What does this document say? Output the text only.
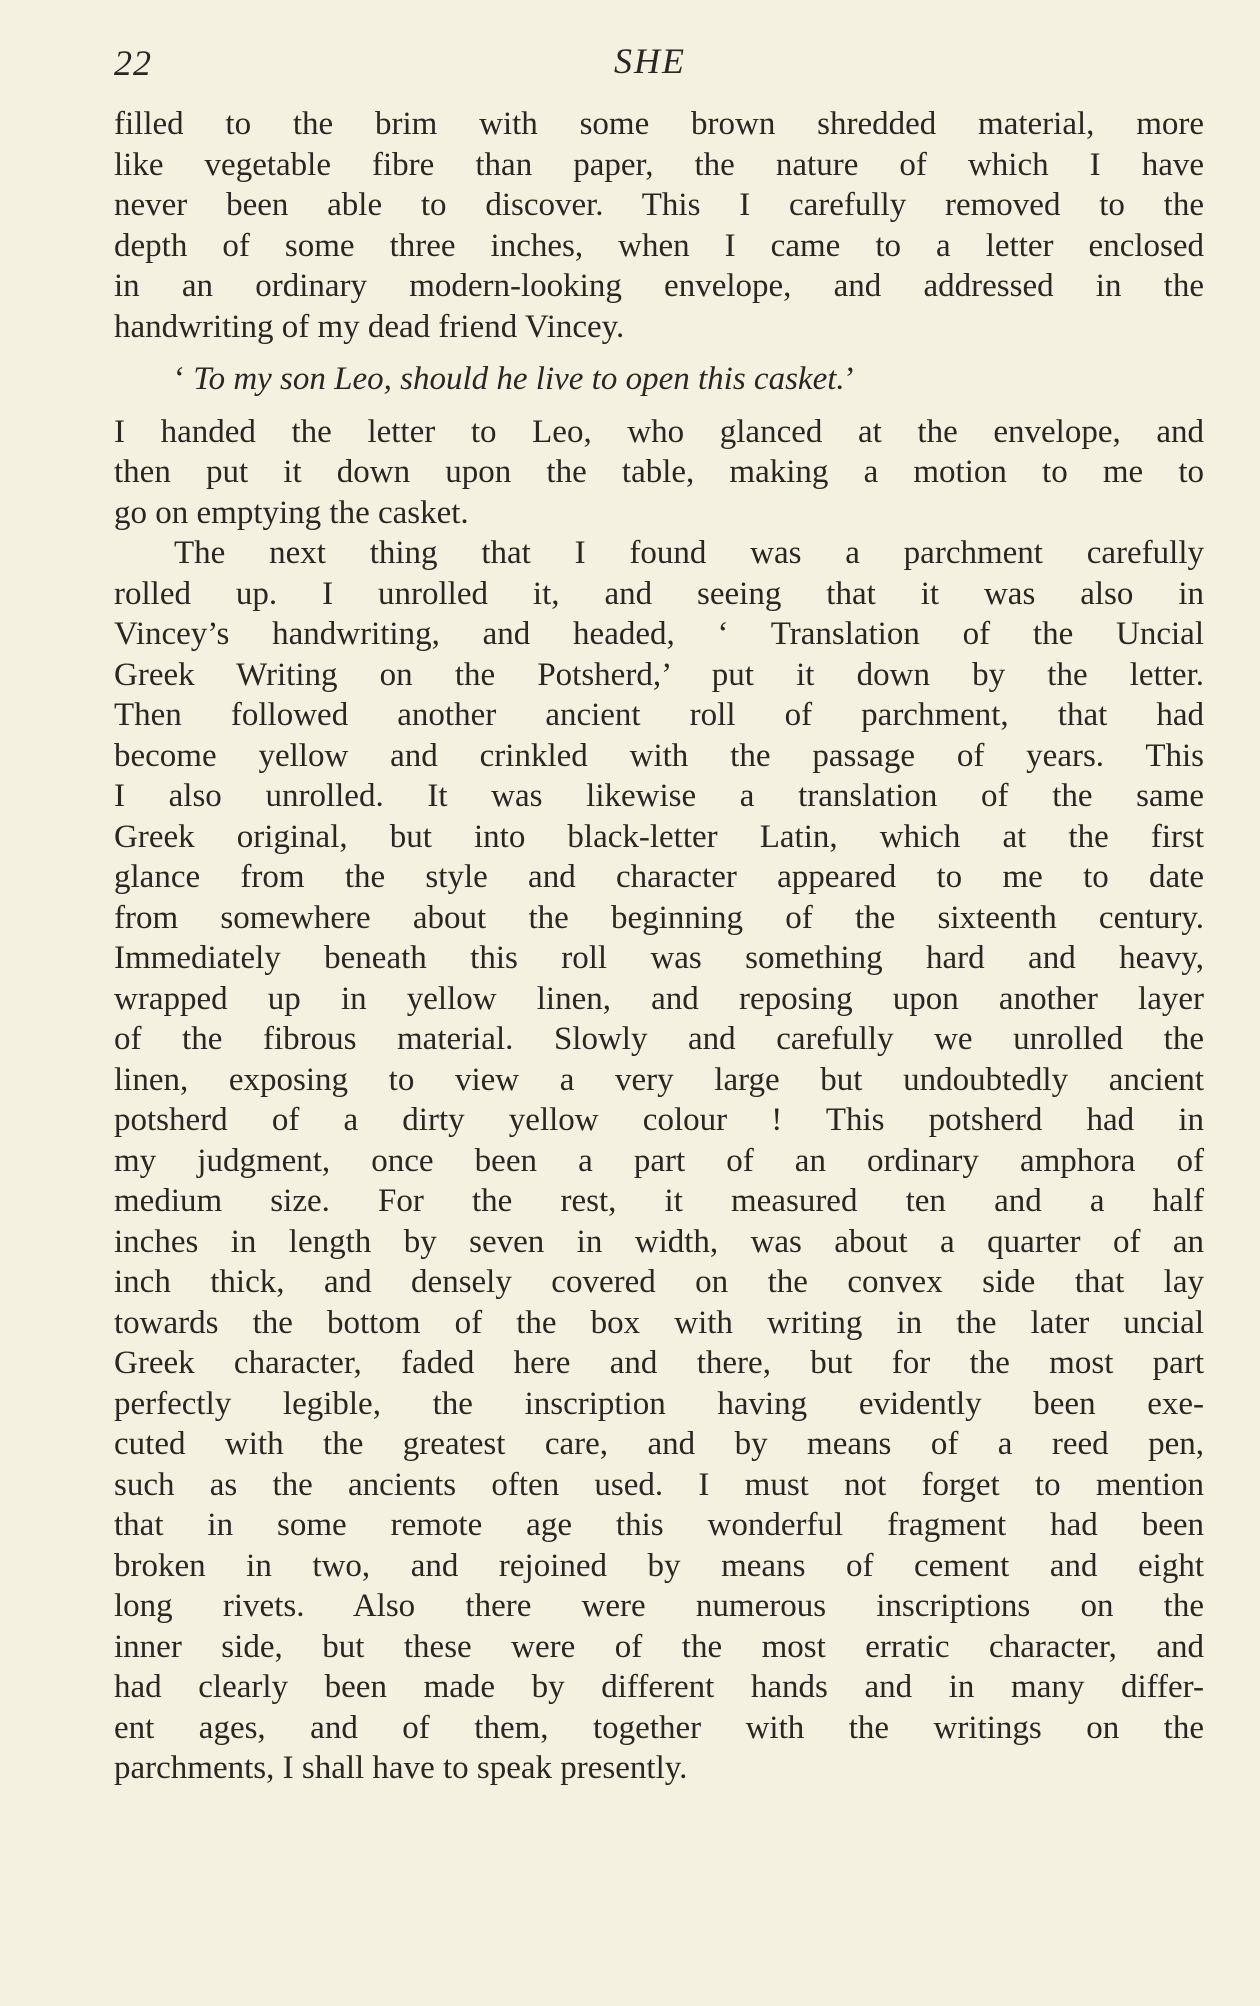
22	SHE
filled to the brim with some brown shredded material, more
like vegetable fibre than paper, the nature of which I have
never been able to discover. This I carefully removed to the
depth of some three inches, when I came to a letter enclosed
in an ordinary modern-looking envelope, and addressed in the
handwriting of my dead friend Vincey.
‘ To my son Leo, should he live to open this casket.’
I handed the letter to Leo, who glanced at the envelope, and
then put it down upon the table, making a motion to me to
go on emptying the casket.
The next thing that I found was a parchment carefully
rolled up. I unrolled it, and seeing that it was also in
Vincey’s handwriting, and headed, ‘ Translation of the Uncial
Greek Writing on the Potsherd,’ put it down by the letter.
Then followed another ancient roll of parchment, that had
become yellow and crinkled with the passage of years. This
I also unrolled. It was likewise a translation of the same
Greek original, but into black-letter Latin, which at the first
glance from the style and character appeared to me to date
from somewhere about the beginning of the sixteenth century.
Immediately beneath this roll was something hard and heavy,
wrapped up in yellow linen, and reposing upon another layer
of the fibrous material. Slowly and carefully we unrolled the
linen, exposing to view a very large but undoubtedly ancient
potsherd of a dirty yellow colour ! This potsherd had in
my judgment, once been a part of an ordinary amphora of
medium size. For the rest, it measured ten and a half
inches in length by seven in width, was about a quarter of an
inch thick, and densely covered on the convex side that lay
towards the bottom of the box with writing in the later uncial
Greek character, faded here and there, but for the most part
perfectly legible, the inscription having evidently been exe-
cuted with the greatest care, and by means of a reed pen,
such as the ancients often used. I must not forget to mention
that in some remote age this wonderful fragment had been
broken in two, and rejoined by means of cement and eight
long rivets. Also there were numerous inscriptions on the
inner side, but these were of the most erratic character, and
had clearly been made by different hands and in many differ-
ent ages, and of them, together with the writings on the
parchments, I shall have to speak presently.
